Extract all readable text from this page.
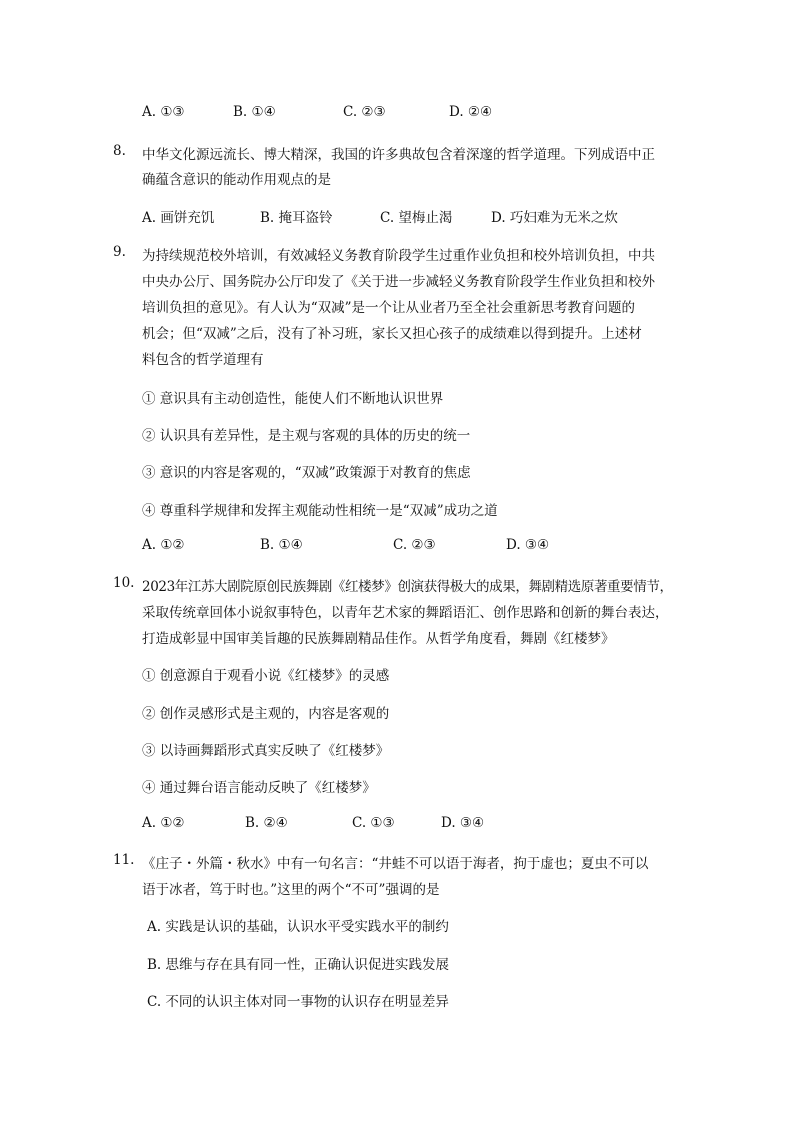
A. ①③	B. ①④	C. ②③	D. ②④
8. 中华文化源远流长、博大精深，我国的许多典故包含着深邃的哲学道理。下列成语中正
确蕴含意识的能动作用观点的是
A. 画饼充饥	B. 掩耳盗铃	C. 望梅止渴	D. 巧妇难为无米之炊
9. 为持续规范校外培训，有效减轻义务教育阶段学生过重作业负担和校外培训负担，中共
中央办公厅、国务院办公厅印发了《关于进一步减轻义务教育阶段学生作业负担和校外
培训负担的意见》。有人认为“双减”是一个让从业者乃至全社会重新思考教育问题的
机会；但“双减”之后，没有了补习班，家长又担心孩子的成绩难以得到提升。上述材
料包含的哲学道理有
① 意识具有主动创造性，能使人们不断地认识世界
② 认识具有差异性，是主观与客观的具体的历史的统一
③ 意识的内容是客观的，“双减”政策源于对教育的焦虑
④ 尊重科学规律和发挥主观能动性相统一是“双减”成功之道
A. ①②	B. ①④	C. ②③	D. ③④
10. 2023年江苏大剧院原创民族舞剧《红楼梦》创演获得极大的成果，舞剧精选原著重要情节，
采取传统章回体小说叙事特色，以青年艺术家的舞蹈语汇、创作思路和创新的舞台表达，
打造成彰显中国审美旨趣的民族舞剧精品佳作。从哲学角度看，舞剧《红楼梦》
① 创意源自于观看小说《红楼梦》的灵感
② 创作灵感形式是主观的，内容是客观的
③ 以诗画舞蹈形式真实反映了《红楼梦》
④ 通过舞台语言能动反映了《红楼梦》
A. ①②	B. ②④	C. ①③	D. ③④
11. 《庄子・外篇・秋水》中有一句名言：“井蛙不可以语于海者，拘于虚也；夏虫不可以
语于冰者，笃于时也。”这里的两个“不可”强调的是
A. 实践是认识的基础，认识水平受实践水平的制约
B. 思维与存在具有同一性，正确认识促进实践发展
C. 不同的认识主体对同一事物的认识存在明显差异
